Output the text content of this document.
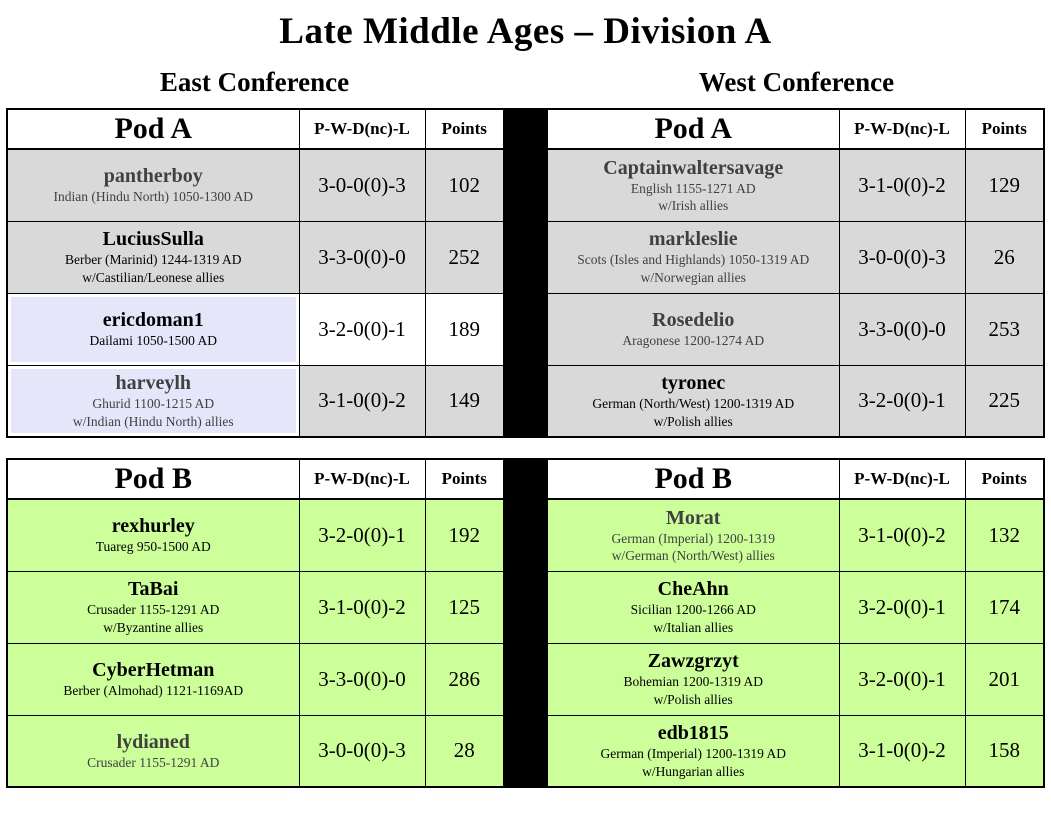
Late Middle Ages – Division A
East Conference	West Conference
Pod A	P-W-D(nc)-L	Points

pantherboy
Indian (Hindu North) 1050-1300 AD	3-0-0(0)-3	102

LuciusSulla
Berber (Marinid) 1244-1319 AD
w/Castilian/Leonese allies	3-3-0(0)-0	252

ericdoman1
Dailami 1050-1500 AD	3-2-0(0)-1	189

harveylh
Ghurid 1100-1215 AD
w/Indian (Hindu North) allies	3-1-0(0)-2	149
Pod A	P-W-D(nc)-L	Points

Captainwaltersavage
English 1155-1271 AD
w/Irish allies	3-1-0(0)-2	129

markleslie
Scots (Isles and Highlands) 1050-1319 AD
w/Norwegian allies	3-0-0(0)-3	26

Rosedelio
Aragonese 1200-1274 AD	3-3-0(0)-0	253

tyronec
German (North/West) 1200-1319 AD
w/Polish allies	3-2-0(0)-1	225
Pod B	P-W-D(nc)-L	Points

rexhurley
Tuareg 950-1500 AD	3-2-0(0)-1	192

TaBai
Crusader 1155-1291 AD
w/Byzantine allies	3-1-0(0)-2	125

CyberHetman
Berber (Almohad) 1121-1169AD	3-3-0(0)-0	286

lydianed
Crusader 1155-1291 AD	3-0-0(0)-3	28
Pod B	P-W-D(nc)-L	Points

Morat
German (Imperial) 1200-1319
w/German (North/West) allies	3-1-0(0)-2	132

CheAhn
Sicilian 1200-1266 AD
w/Italian allies	3-2-0(0)-1	174

Zawzgrzyt
Bohemian 1200-1319 AD
w/Polish allies	3-2-0(0)-1	201

edb1815
German (Imperial) 1200-1319 AD
w/Hungarian allies	3-1-0(0)-2	158
